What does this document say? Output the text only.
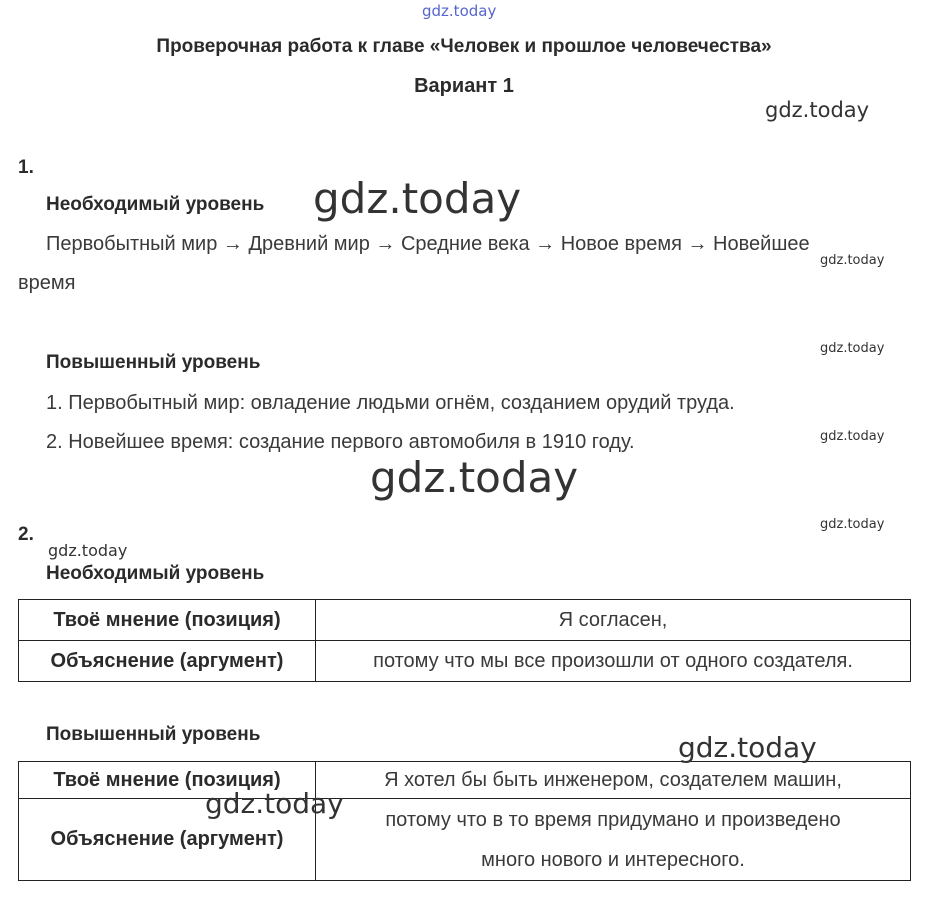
gdz.today
gdz.today
gdz.today
gdz.today
gdz.today
gdz.today
gdz.today
gdz.today
gdz.today
Проверочная работа к главе «Человек и прошлое человечества»
Вариант 1
1.
Необходимый уровень
Первобытный мир → Древний мир → Средние века → Новое время → Новейшее
время
Повышенный уровень
1. Первобытный мир: овладение людьми огнём, созданием орудий труда.
2. Новейшее время: создание первого автомобиля в 1910 году.
2.
Необходимый уровень
Твоё мнение (позиция)	Я согласен,
Объяснение (аргумент)	потому что мы все произошли от одного создателя.
Повышенный уровень
Твоё мнение (позиция)	Я хотел бы быть инженером, создателем машин,
Объяснение (аргумент)	потому что в то время придумано и произведено
много нового и интересного.
gdz.today
gdz.today
